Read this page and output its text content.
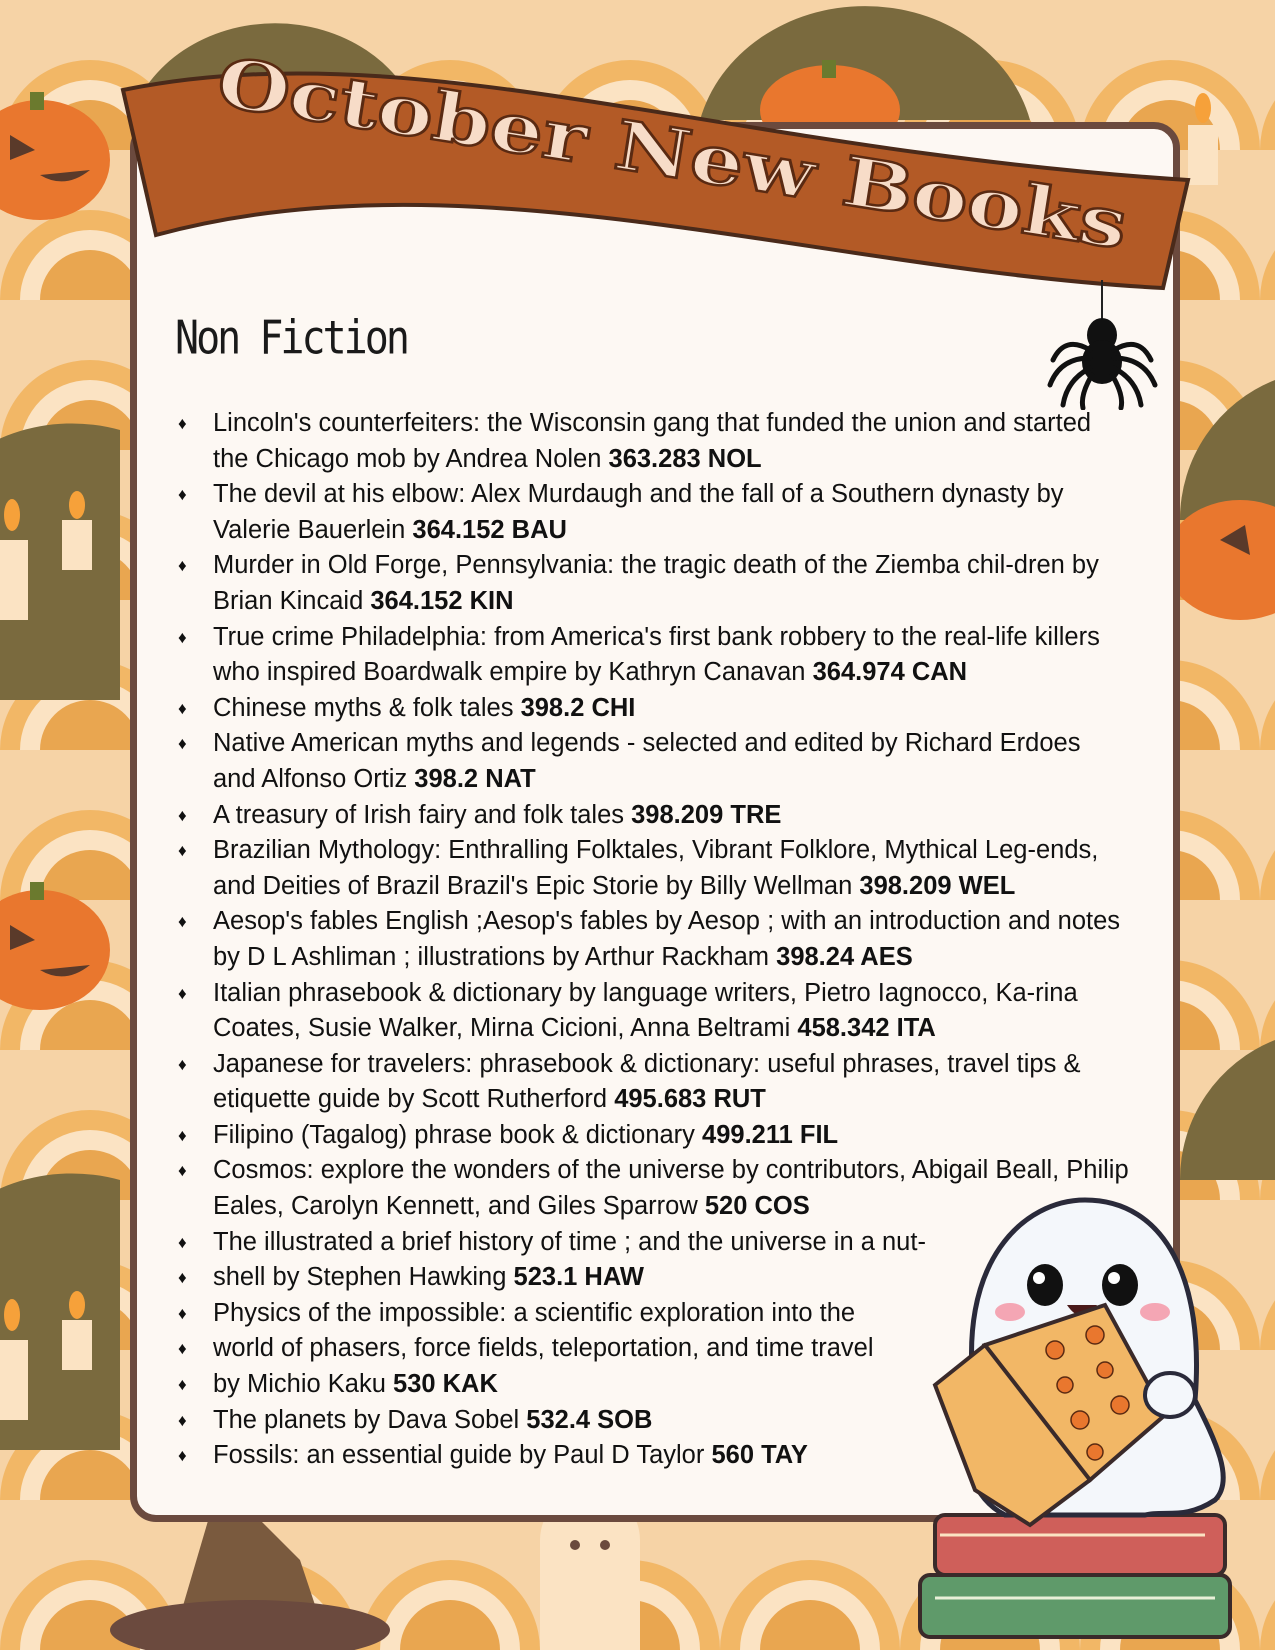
October New Books
Non Fiction
♦ Lincoln's counterfeiters: the Wisconsin gang that funded the union and started the Chicago mob by Andrea Nolen 363.283 NOL
♦ The devil at his elbow: Alex Murdaugh and the fall of a Southern dynasty by Valerie Bauerlein 364.152 BAU
♦ Murder in Old Forge, Pennsylvania: the tragic death of the Ziemba chil-dren by Brian Kincaid 364.152 KIN
♦ True crime Philadelphia: from America's first bank robbery to the real-life killers who inspired Boardwalk empire by Kathryn Canavan 364.974 CAN
♦ Chinese myths & folk tales 398.2 CHI
♦ Native American myths and legends - selected and edited by Richard Erdoes and Alfonso Ortiz 398.2 NAT
♦ A treasury of Irish fairy and folk tales 398.209 TRE
♦ Brazilian Mythology: Enthralling Folktales, Vibrant Folklore, Mythical Leg-ends, and Deities of Brazil Brazil's Epic Storie by Billy Wellman 398.209 WEL
♦ Aesop's fables English ;Aesop's fables by Aesop ; with an introduction and notes by D L Ashliman ; illustrations by Arthur Rackham 398.24 AES
♦ Italian phrasebook & dictionary by language writers, Pietro Iagnocco, Ka-rina Coates, Susie Walker, Mirna Cicioni, Anna Beltrami 458.342 ITA
♦ Japanese for travelers: phrasebook & dictionary: useful phrases, travel tips & etiquette guide by Scott Rutherford 495.683 RUT
♦ Filipino (Tagalog) phrase book & dictionary 499.211 FIL
♦ Cosmos: explore the wonders of the universe by contributors, Abigail Beall, Philip Eales, Carolyn Kennett, and Giles Sparrow 520 COS
♦ The illustrated a brief history of time ; and the universe in a nut-
♦ shell by Stephen Hawking 523.1 HAW
♦ Physics of the impossible: a scientific exploration into the
♦ world of phasers, force fields, teleportation, and time travel
♦ by Michio Kaku 530 KAK
♦ The planets by Dava Sobel 532.4 SOB
♦ Fossils: an essential guide by Paul D Taylor 560 TAY
